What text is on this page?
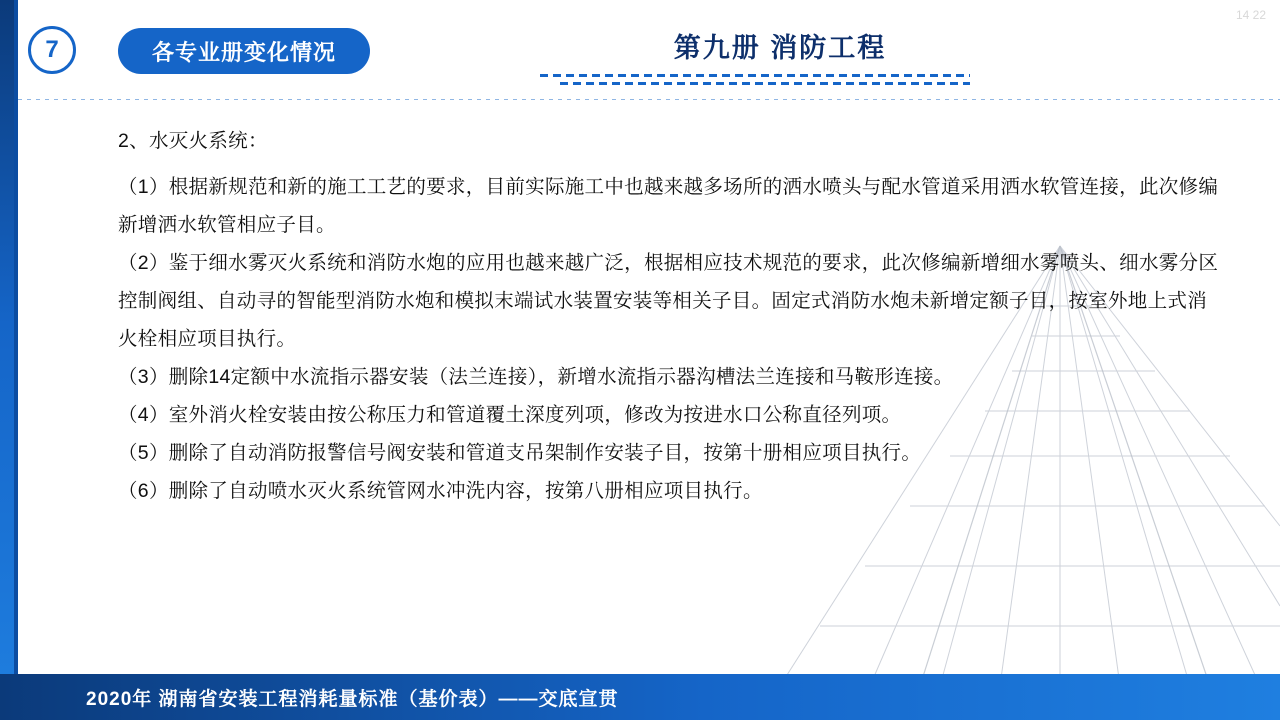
7	各专业册变化情况	第九册 消防工程
14 22

2、水灭火系统：

（1）根据新规范和新的施工工艺的要求，目前实际施工中也越来越多场所的洒水喷头与配水管道采用洒水软管连接，此次修编新增洒水软管相应子目。

（2）鉴于细水雾灭火系统和消防水炮的应用也越来越广泛，根据相应技术规范的要求，此次修编新增细水雾喷头、细水雾分区控制阀组、自动寻的智能型消防水炮和模拟末端试水装置安装等相关子目。固定式消防水炮未新增定额子目，按室外地上式消火栓相应项目执行。

（3）删除14定额中水流指示器安装（法兰连接），新增水流指示器沟槽法兰连接和马鞍形连接。

（4）室外消火栓安装由按公称压力和管道覆土深度列项，修改为按进水口公称直径列项。

（5）删除了自动消防报警信号阀安装和管道支吊架制作安装子目，按第十册相应项目执行。

（6）删除了自动喷水灭火系统管网水冲洗内容，按第八册相应项目执行。

2020年 湖南省安装工程消耗量标准（基价表）——交底宣贯
